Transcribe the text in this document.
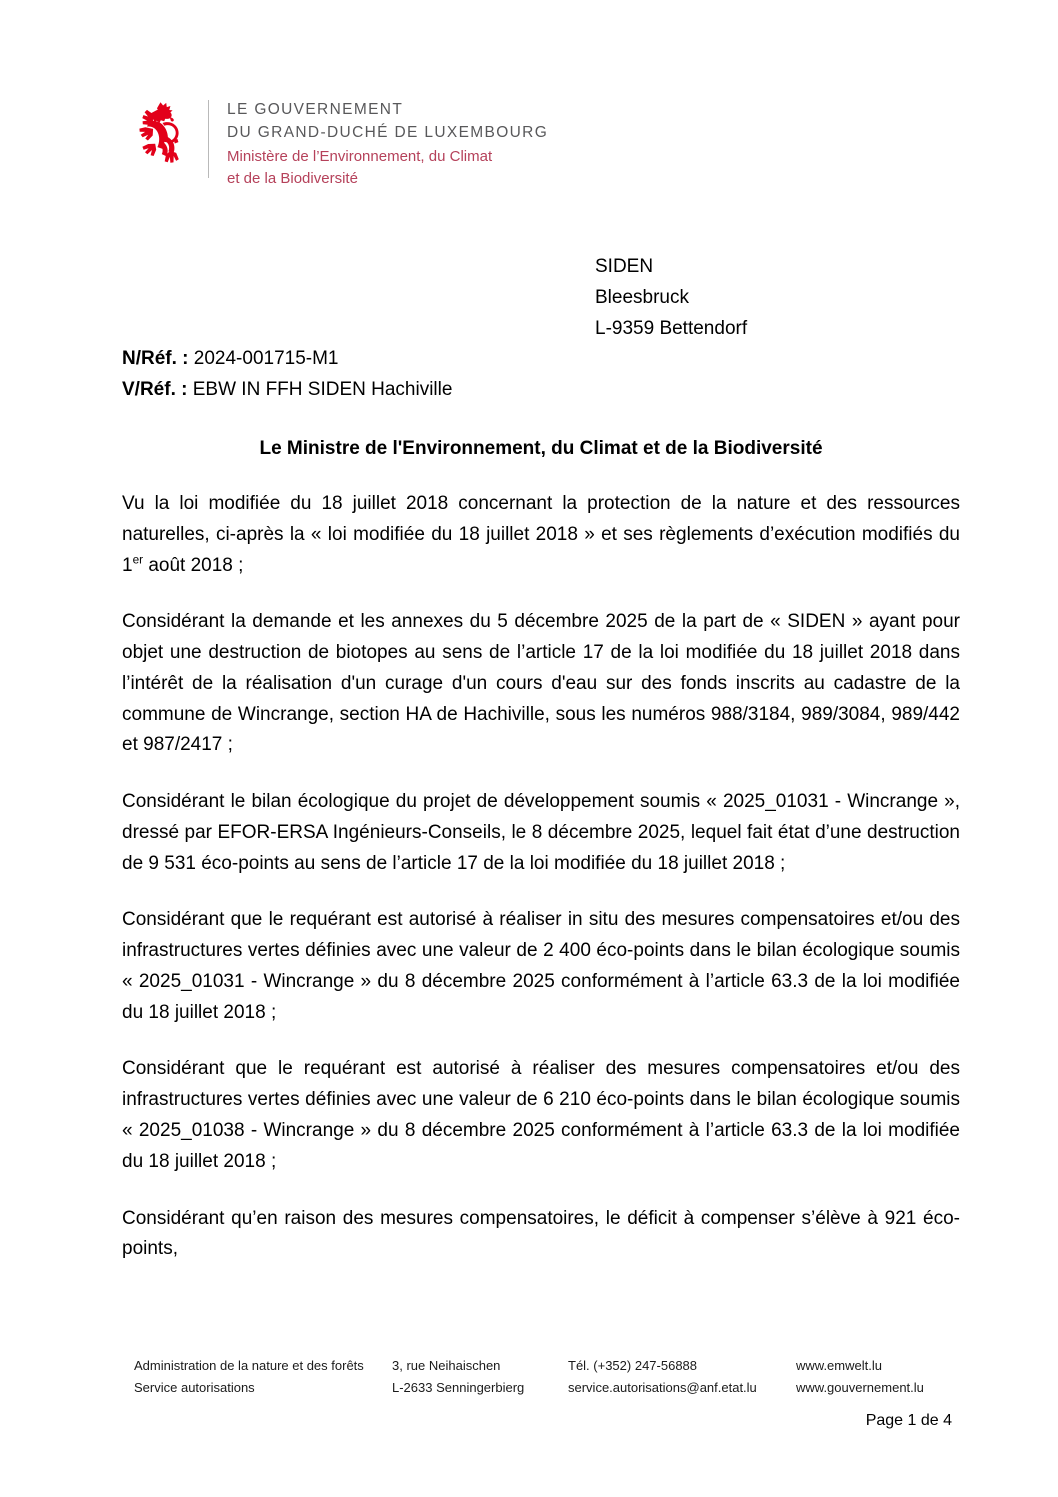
LE GOUVERNEMENT
DU GRAND-DUCHÉ DE LUXEMBOURG
Ministère de l’Environnement, du Climat
et de la Biodiversité
SIDEN
Bleesbruck
L-9359 Bettendorf
N/Réf. : 2024-001715-M1
V/Réf. : EBW IN FFH SIDEN Hachiville
Le Ministre de l'Environnement, du Climat et de la Biodiversité

Vu la loi modifiée du 18 juillet 2018 concernant la protection de la nature et des ressources naturelles, ci-après la « loi modifiée du 18 juillet 2018 » et ses règlements d’exécution modifiés du 1er août 2018 ;

Considérant la demande et les annexes du 5 décembre 2025 de la part de « SIDEN » ayant pour objet une destruction de biotopes au sens de l’article 17 de la loi modifiée du 18 juillet 2018 dans l’intérêt de la réalisation d'un curage d'un cours d'eau sur des fonds inscrits au cadastre de la commune de Wincrange, section HA de Hachiville, sous les numéros 988/3184, 989/3084, 989/442 et 987/2417 ;

Considérant le bilan écologique du projet de développement soumis « 2025_01031 - Wincrange », dressé par EFOR-ERSA Ingénieurs-Conseils, le 8 décembre 2025, lequel fait état d’une destruction de 9 531 éco-points au sens de l’article 17 de la loi modifiée du 18 juillet 2018 ;

Considérant que le requérant est autorisé à réaliser in situ des mesures compensatoires et/ou des infrastructures vertes définies avec une valeur de 2 400 éco-points dans le bilan écologique soumis « 2025_01031 - Wincrange » du 8 décembre 2025 conformément à l’article 63.3 de la loi modifiée du 18 juillet 2018 ;

Considérant que le requérant est autorisé à réaliser des mesures compensatoires et/ou des infrastructures vertes définies avec une valeur de 6 210 éco-points dans le bilan écologique soumis « 2025_01038 - Wincrange » du 8 décembre 2025 conformément à l’article 63.3 de la loi modifiée du 18 juillet 2018 ;

Considérant qu’en raison des mesures compensatoires, le déficit à compenser s’élève à 921 éco-points,

Administration de la nature et des forêts	3, rue Neihaischen	Tél. (+352) 247-56888	www.emwelt.lu
Service autorisations	L-2633 Senningerbierg	service.autorisations@anf.etat.lu	www.gouvernement.lu
Page 1 de 4
